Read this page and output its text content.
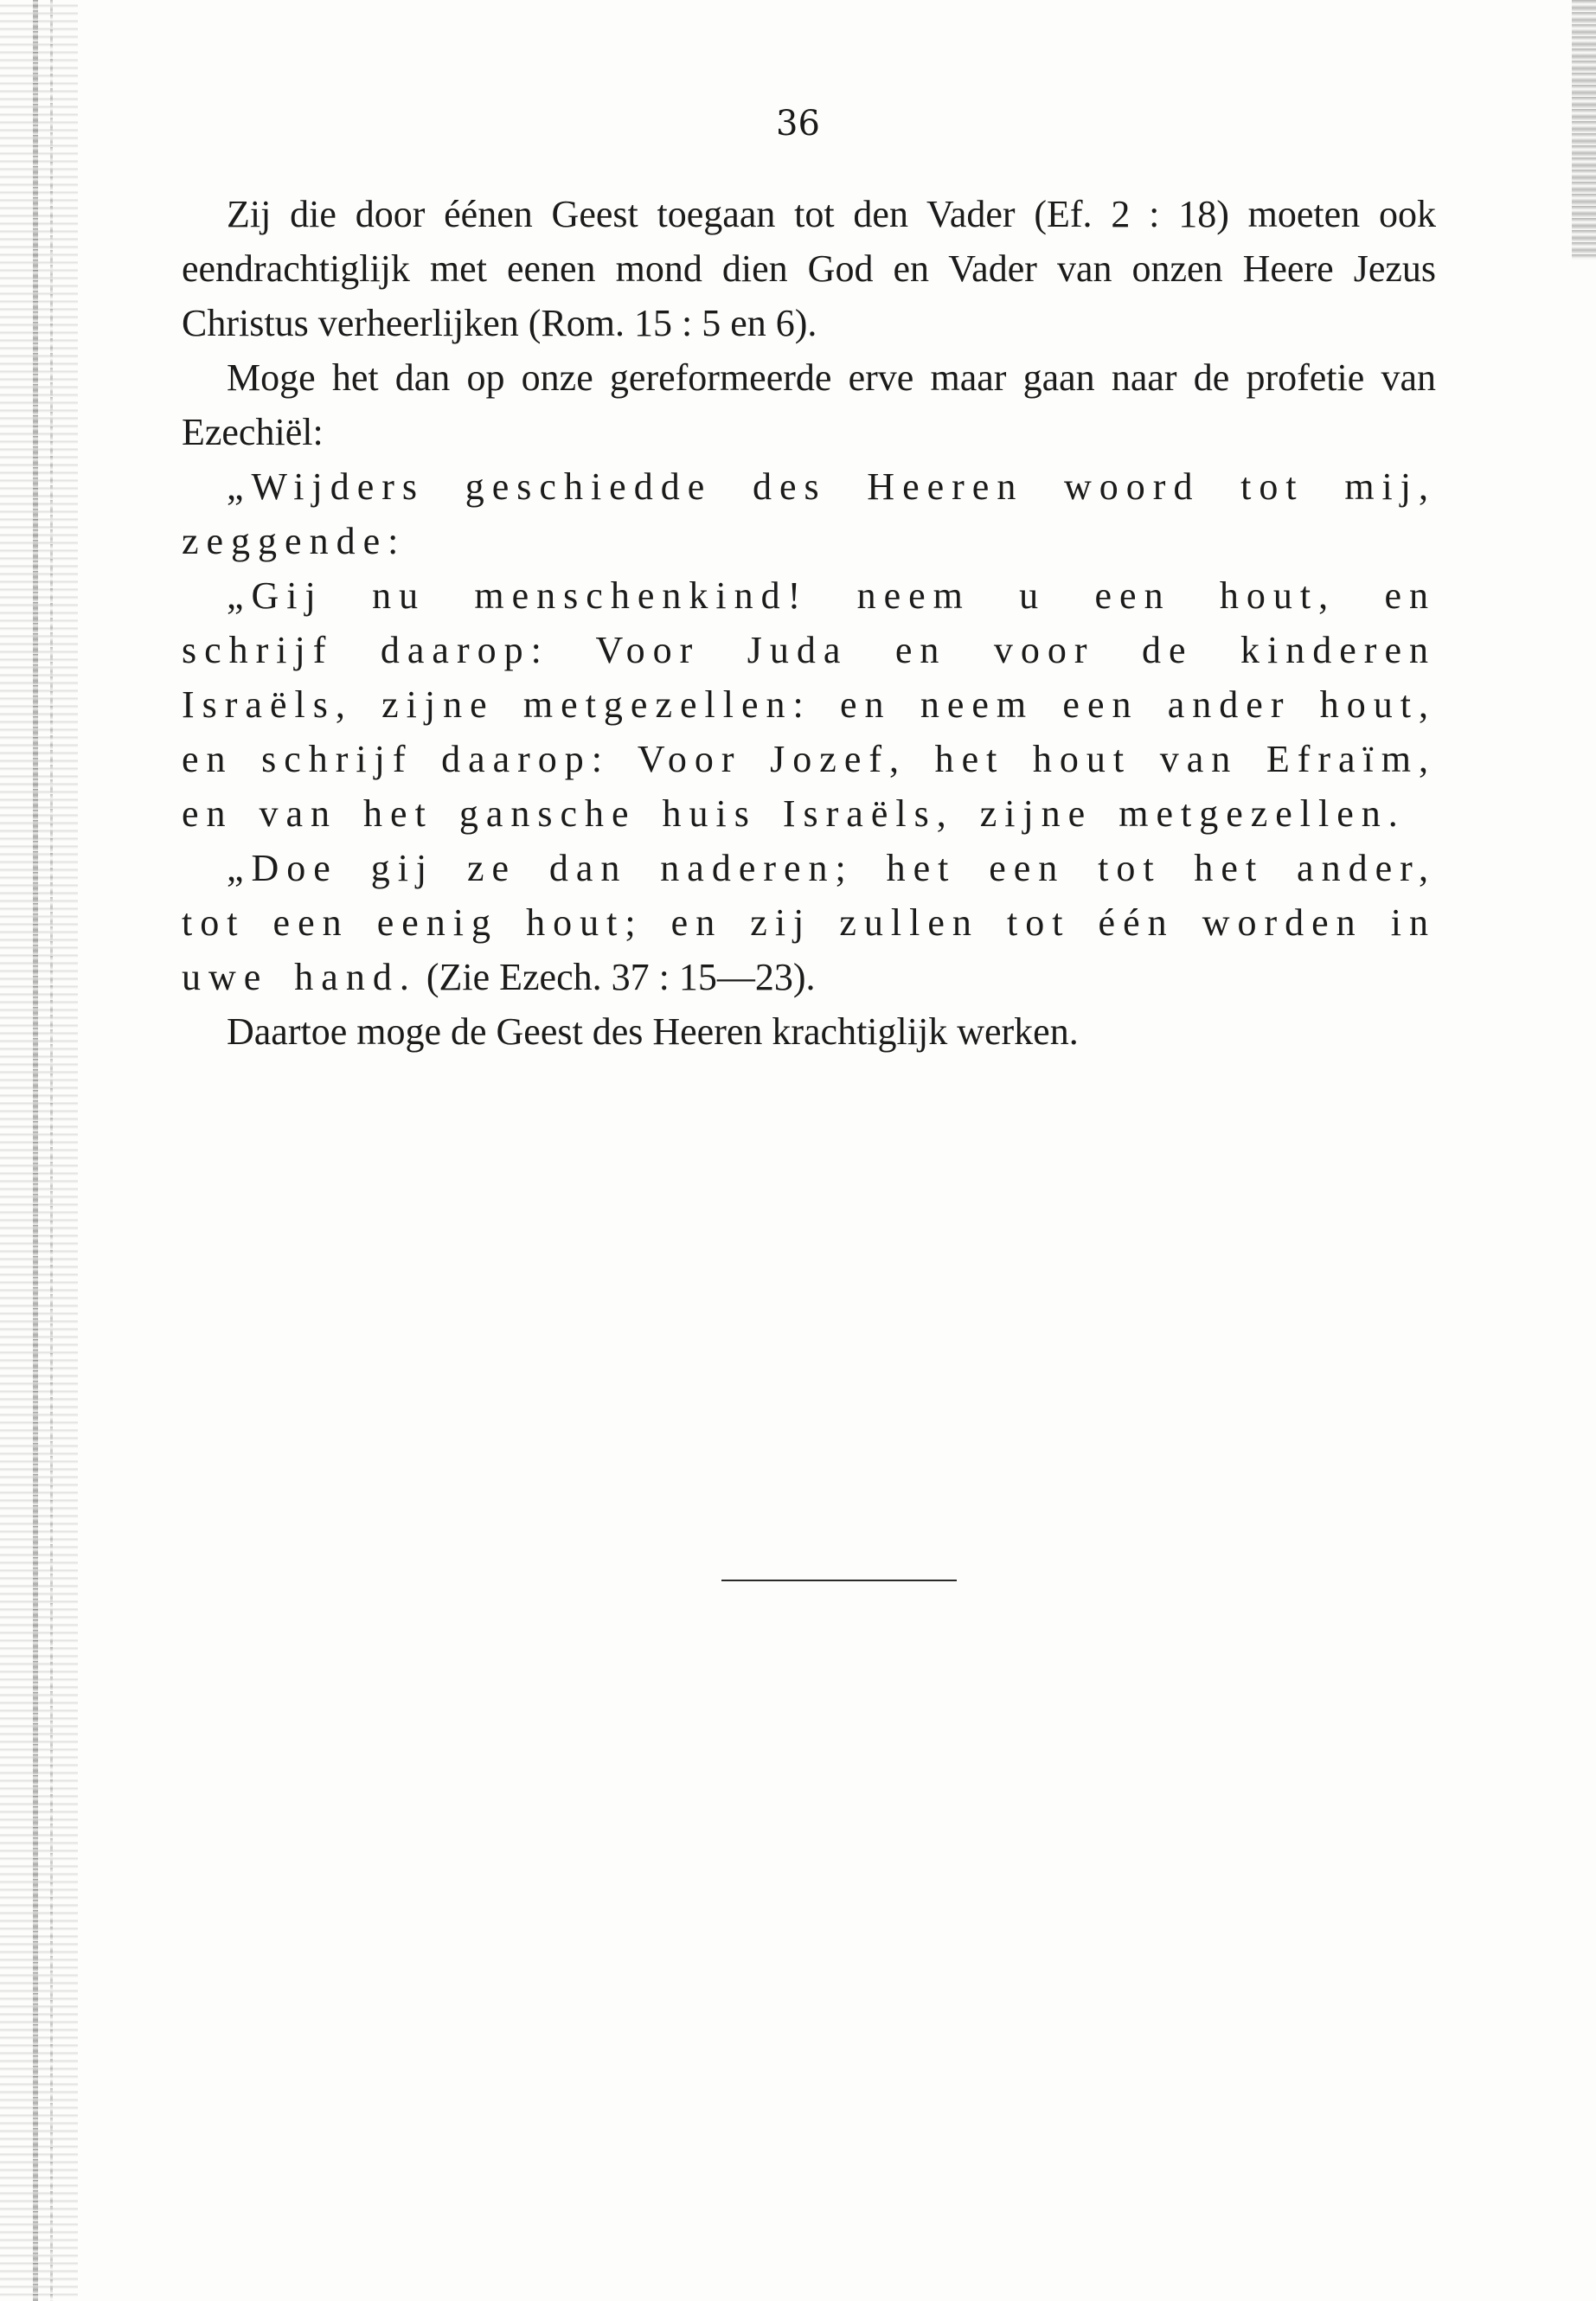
36

Zij die door éénen Geest toegaan tot den Vader (Ef. 2 : 18) moeten ook eendrachtiglijk met eenen mond dien God en Vader van onzen Heere Jezus Christus verheerlijken (Rom. 15 : 5 en 6).

Moge het dan op onze gereformeerde erve maar gaan naar de profetie van Ezechiël:

„Wijders geschiedde des Heeren woord tot mij, zeggende:

„Gij nu menschenkind! neem u een hout, en schrijf daarop: Voor Juda en voor de kinderen Israëls, zijne metgezellen: en neem een ander hout, en schrijf daarop: Voor Jozef, het hout van Efraïm, en van het gansche huis Israëls, zijne metgezellen.

„Doe gij ze dan naderen; het een tot het ander, tot een eenig hout; en zij zullen tot één worden in uwe hand. (Zie Ezech. 37 : 15—23).

Daartoe moge de Geest des Heeren krachtiglijk werken.
